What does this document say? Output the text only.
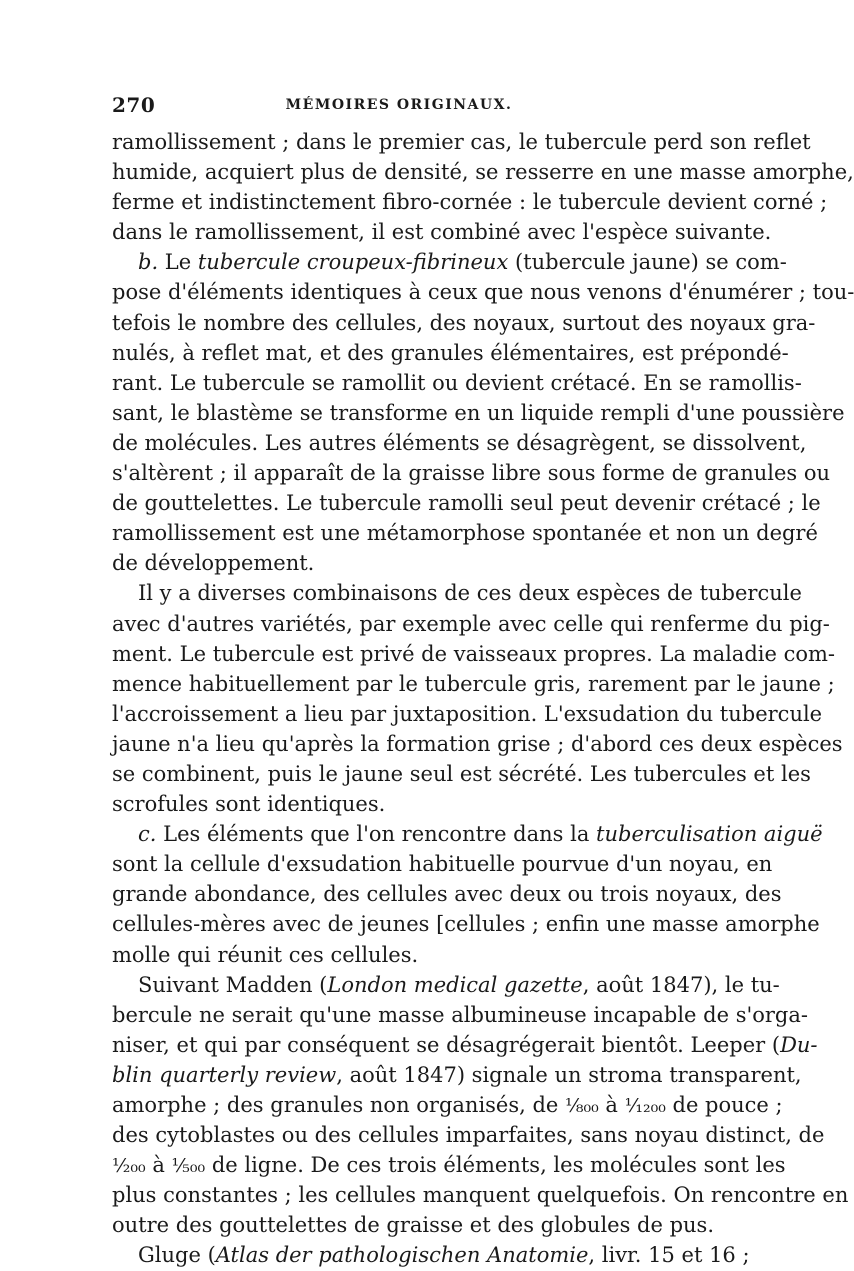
270	MÉMOIRES ORIGINAUX.
ramollissement ; dans le premier cas, le tubercule perd son reflet
humide, acquiert plus de densité, se resserre en une masse amorphe,
ferme et indistinctement fibro-cornée : le tubercule devient corné ;
dans le ramollissement, il est combiné avec l'espèce suivante.
b. Le tubercule croupeux-fibrineux (tubercule jaune) se com-
pose d'éléments identiques à ceux que nous venons d'énumérer ; tou-
tefois le nombre des cellules, des noyaux, surtout des noyaux gra-
nulés, à reflet mat, et des granules élémentaires, est prépondé-
rant. Le tubercule se ramollit ou devient crétacé. En se ramollis-
sant, le blastème se transforme en un liquide rempli d'une poussière
de molécules. Les autres éléments se désagrègent, se dissolvent,
s'altèrent ; il apparaît de la graisse libre sous forme de granules ou
de gouttelettes. Le tubercule ramolli seul peut devenir crétacé ; le
ramollissement est une métamorphose spontanée et non un degré
de développement.
Il y a diverses combinaisons de ces deux espèces de tubercule
avec d'autres variétés, par exemple avec celle qui renferme du pig-
ment. Le tubercule est privé de vaisseaux propres. La maladie com-
mence habituellement par le tubercule gris, rarement par le jaune ;
l'accroissement a lieu par juxtaposition. L'exsudation du tubercule
jaune n'a lieu qu'après la formation grise ; d'abord ces deux espèces
se combinent, puis le jaune seul est sécrété. Les tubercules et les
scrofules sont identiques.
c. Les éléments que l'on rencontre dans la tuberculisation aiguë
sont la cellule d'exsudation habituelle pourvue d'un noyau, en
grande abondance, des cellules avec deux ou trois noyaux, des
cellules-mères avec de jeunes [cellules ; enfin une masse amorphe
molle qui réunit ces cellules.
Suivant Madden (London medical gazette, août 1847), le tu-
bercule ne serait qu'une masse albumineuse incapable de s'orga-
niser, et qui par conséquent se désagrégerait bientôt. Leeper (Du-
blin quarterly review, août 1847) signale un stroma transparent,
amorphe ; des granules non organisés, de ¹⁄₈₀₀ à ¹⁄₁₂₀₀ de pouce ;
des cytoblastes ou des cellules imparfaites, sans noyau distinct, de
¹⁄₂₀₀ à ¹⁄₅₀₀ de ligne. De ces trois éléments, les molécules sont les
plus constantes ; les cellules manquent quelquefois. On rencontre en
outre des gouttelettes de graisse et des globules de pus.
Gluge (Atlas der pathologischen Anatomie, livr. 15 et 16 ;
